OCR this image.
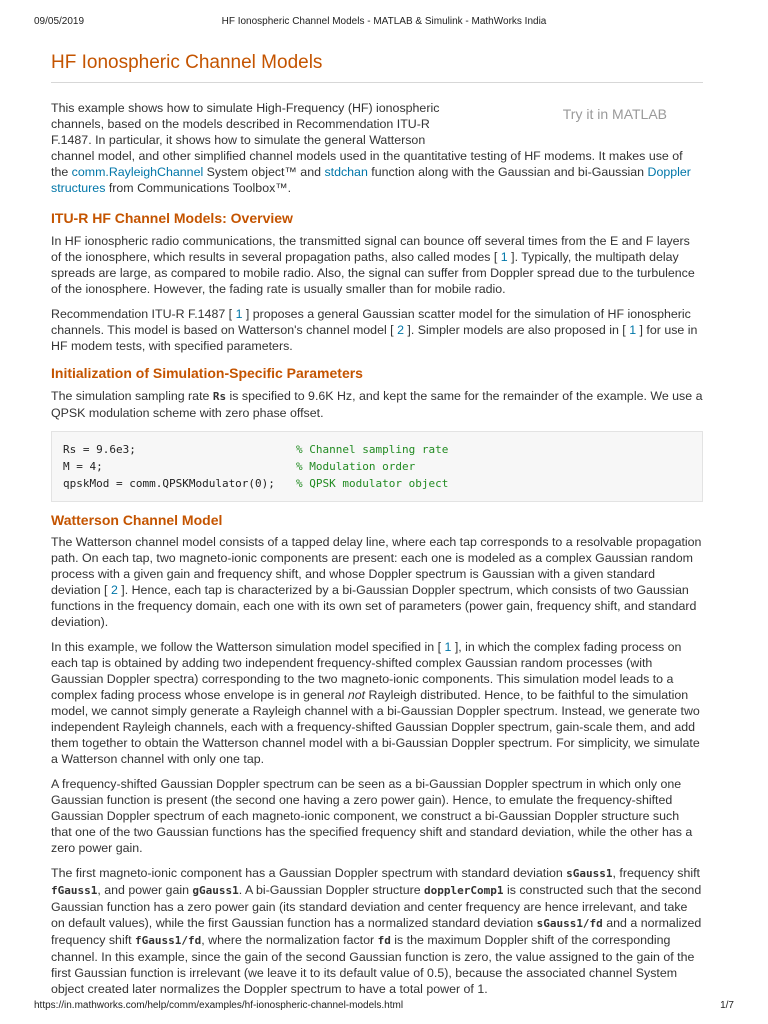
09/05/2019	HF Ionospheric Channel Models - MATLAB & Simulink - MathWorks India
HF Ionospheric Channel Models
Try it in MATLAB

This example shows how to simulate High-Frequency (HF) ionospheric channels, based on the models described in Recommendation ITU-R F.1487. In particular, it shows how to simulate the general Watterson

channel model, and other simplified channel models used in the quantitative testing of HF modems. It makes use of the comm.RayleighChannel System object™ and stdchan function along with the Gaussian and bi-Gaussian Doppler structures from Communications Toolbox™.

ITU-R HF Channel Models: Overview

In HF ionospheric radio communications, the transmitted signal can bounce off several times from the E and F layers of the ionosphere, which results in several propagation paths, also called modes [ 1 ]. Typically, the multipath delay spreads are large, as compared to mobile radio. Also, the signal can suffer from Doppler spread due to the turbulence of the ionosphere. However, the fading rate is usually smaller than for mobile radio.

Recommendation ITU-R F.1487 [ 1 ] proposes a general Gaussian scatter model for the simulation of HF ionospheric channels. This model is based on Watterson's channel model [ 2 ]. Simpler models are also proposed in [ 1 ] for use in HF modem tests, with specified parameters.

Initialization of Simulation-Specific Parameters

The simulation sampling rate Rs is specified to 9.6K Hz, and kept the same for the remainder of the example. We use a QPSK modulation scheme with zero phase offset.

Rs = 9.6e3;	% Channel sampling rate
M = 4;	% Modulation order
qpskMod = comm.QPSKModulator(0); % QPSK modulator object
Watterson Channel Model

The Watterson channel model consists of a tapped delay line, where each tap corresponds to a resolvable propagation path. On each tap, two magneto-ionic components are present: each one is modeled as a complex Gaussian random process with a given gain and frequency shift, and whose Doppler spectrum is Gaussian with a given standard deviation [ 2 ]. Hence, each tap is characterized by a bi-Gaussian Doppler spectrum, which consists of two Gaussian functions in the frequency domain, each one with its own set of parameters (power gain, frequency shift, and standard deviation).

In this example, we follow the Watterson simulation model specified in [ 1 ], in which the complex fading process on each tap is obtained by adding two independent frequency-shifted complex Gaussian random processes (with Gaussian Doppler spectra) corresponding to the two magneto-ionic components. This simulation model leads to a complex fading process whose envelope is in general not Rayleigh distributed. Hence, to be faithful to the simulation model, we cannot simply generate a Rayleigh channel with a bi-Gaussian Doppler spectrum. Instead, we generate two independent Rayleigh channels, each with a frequency-shifted Gaussian Doppler spectrum, gain-scale them, and add them together to obtain the Watterson channel model with a bi-Gaussian Doppler spectrum. For simplicity, we simulate a Watterson channel with only one tap.

A frequency-shifted Gaussian Doppler spectrum can be seen as a bi-Gaussian Doppler spectrum in which only one Gaussian function is present (the second one having a zero power gain). Hence, to emulate the frequency-shifted Gaussian Doppler spectrum of each magneto-ionic component, we construct a bi-Gaussian Doppler structure such that one of the two Gaussian functions has the specified frequency shift and standard deviation, while the other has a zero power gain.

The first magneto-ionic component has a Gaussian Doppler spectrum with standard deviation sGauss1, frequency shift fGauss1, and power gain gGauss1. A bi-Gaussian Doppler structure dopplerComp1 is constructed such that the second Gaussian function has a zero power gain (its standard deviation and center frequency are hence irrelevant, and take on default values), while the first Gaussian function has a normalized standard deviation sGauss1/fd and a normalized frequency shift fGauss1/fd, where the normalization factor fd is the maximum Doppler shift of the corresponding channel. In this example, since the gain of the second Gaussian function is zero, the value assigned to the gain of the first Gaussian function is irrelevant (we leave it to its default value of 0.5), because the associated channel System object created later normalizes the Doppler spectrum to have a total power of 1.

https://in.mathworks.com/help/comm/examples/hf-ionospheric-channel-models.html	1/7
